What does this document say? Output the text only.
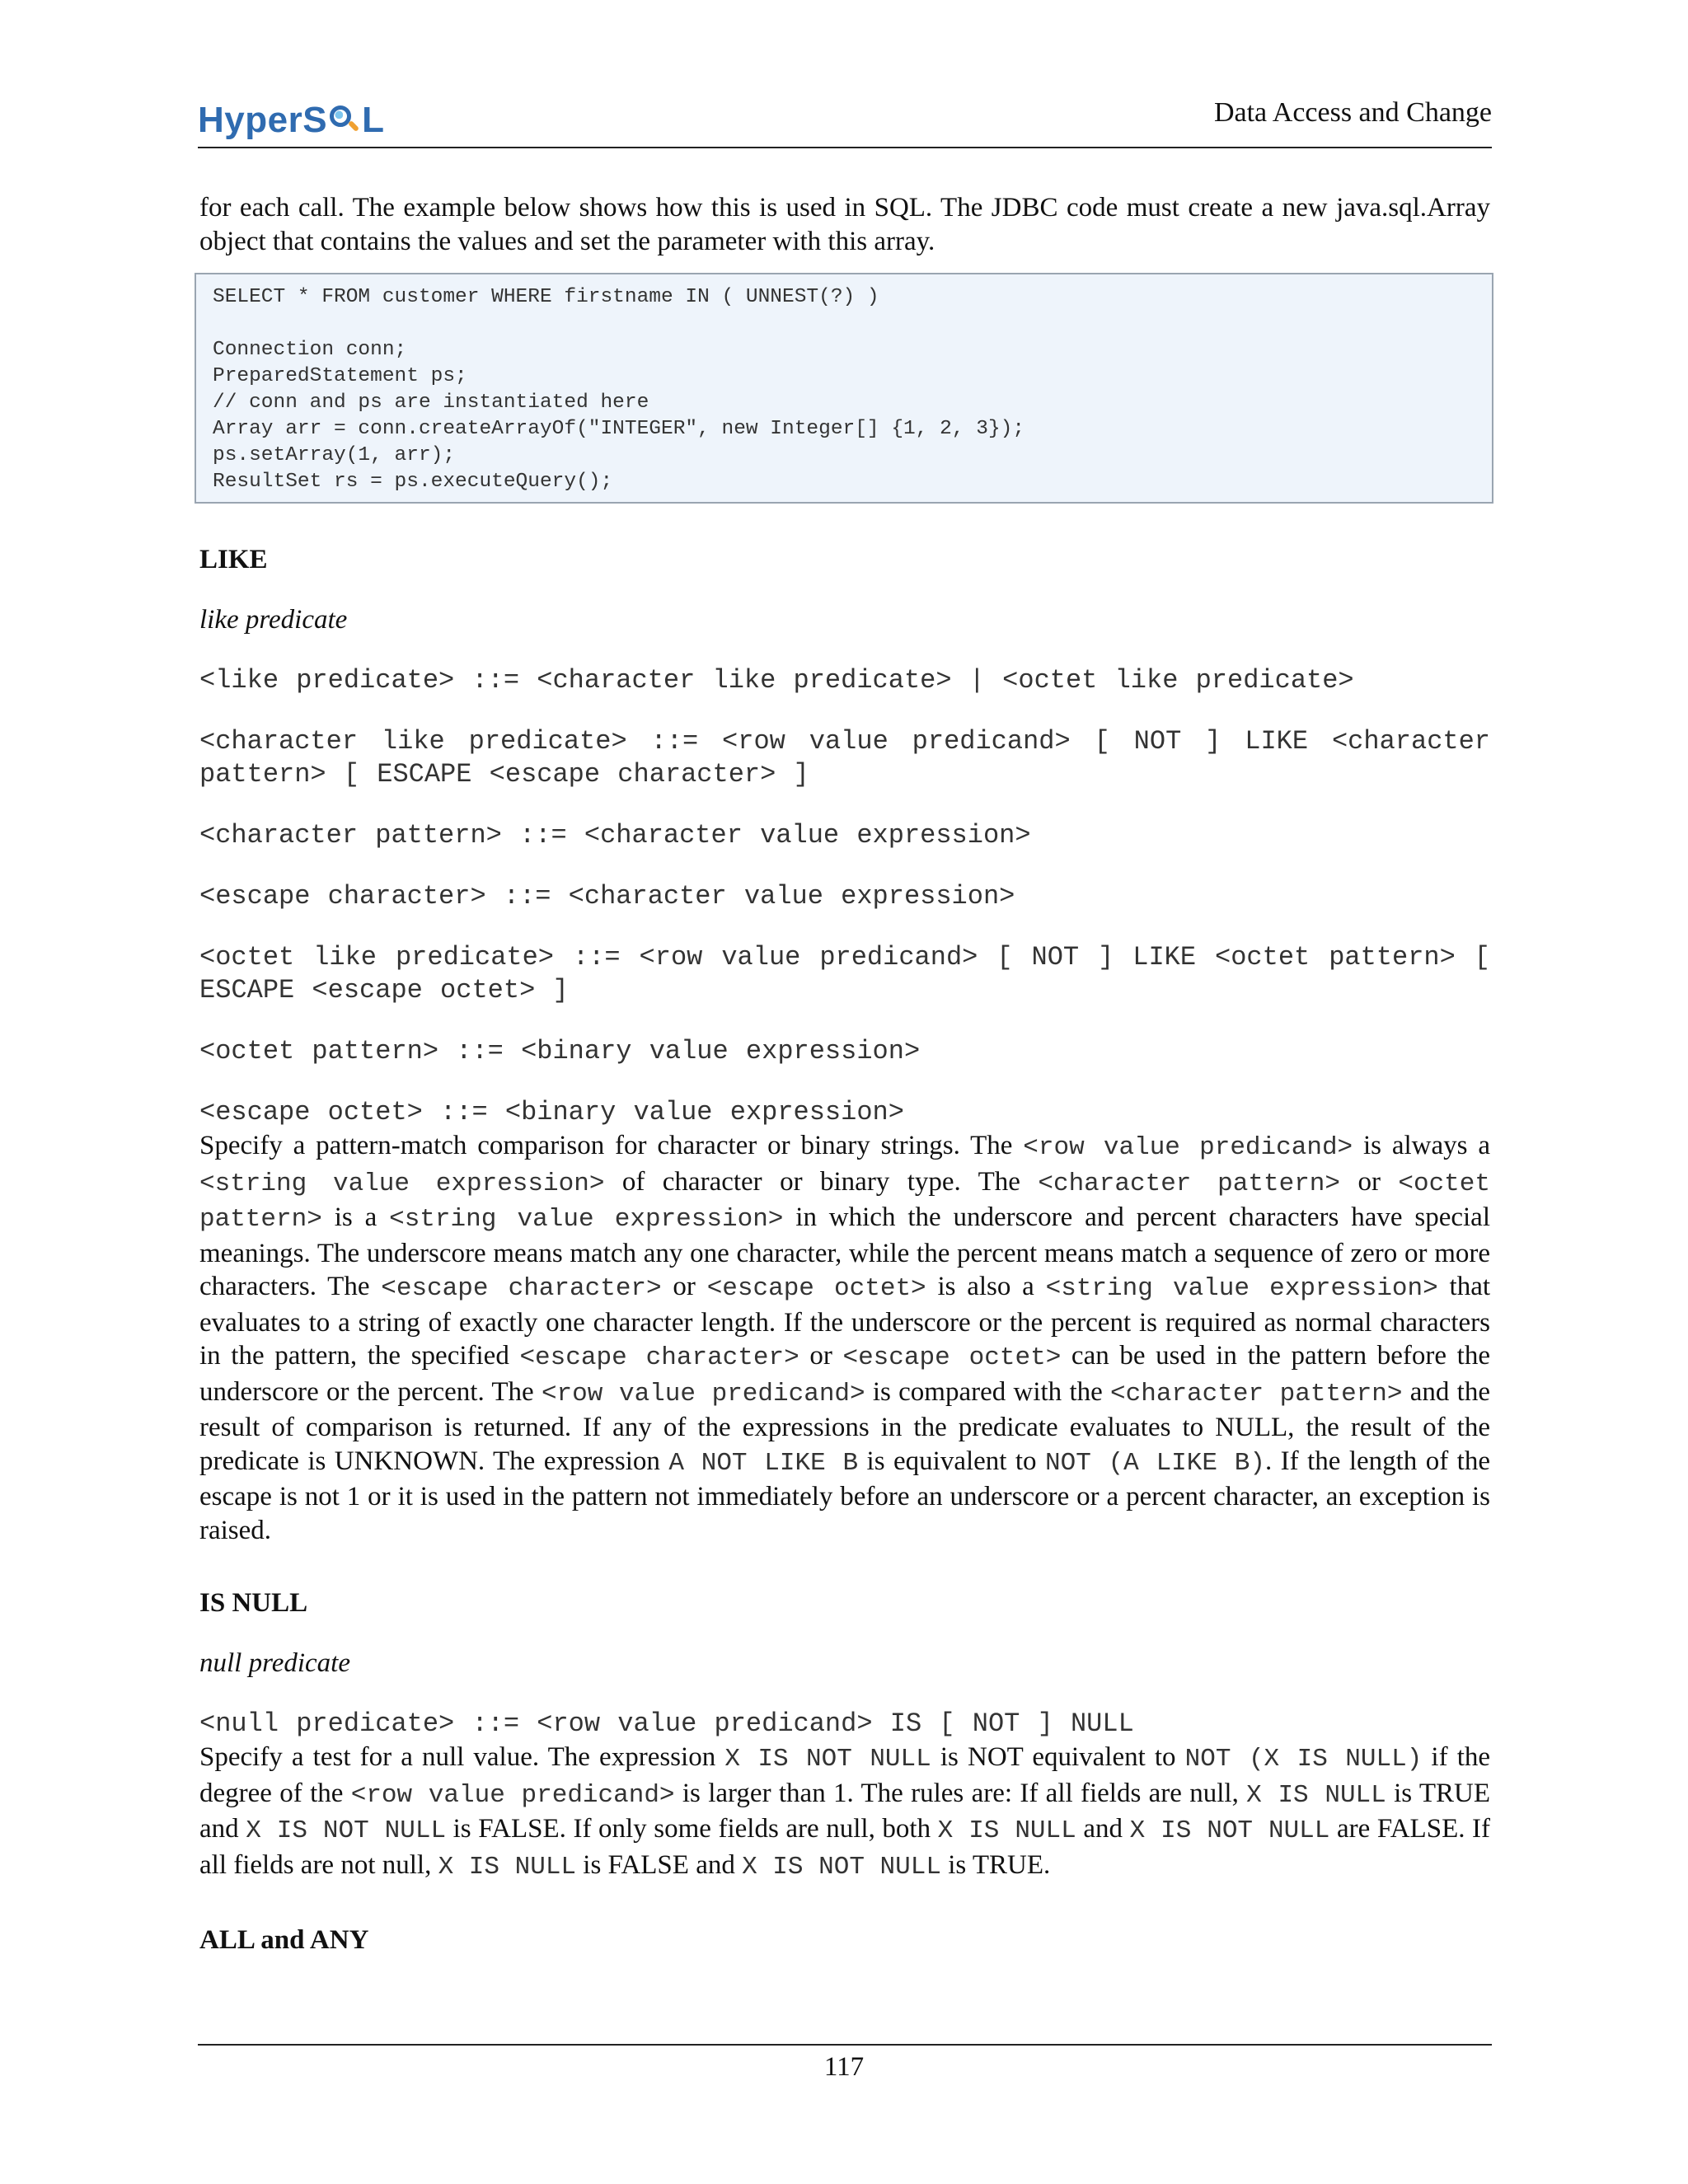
HyperS L	Data Access and Change

for each call. The example below shows how this is used in SQL. The JDBC code must create a new java.sql.Array object that contains the values and set the parameter with this array.

SELECT * FROM customer WHERE firstname IN ( UNNEST(?) )

Connection conn;
PreparedStatement ps;
// conn and ps are instantiated here
Array arr = conn.createArrayOf("INTEGER", new Integer[] {1, 2, 3});
ps.setArray(1, arr);
ResultSet rs = ps.executeQuery();
LIKE
like predicate
<like predicate> ::= <character like predicate> | <octet like predicate>
<character like predicate> ::= <row value predicand> [ NOT ] LIKE <character pattern> [ ESCAPE <escape character> ]
<character pattern> ::= <character value expression>
<escape character> ::= <character value expression>
<octet like predicate> ::= <row value predicand> [ NOT ] LIKE <octet pattern> [ ESCAPE <escape octet> ]
<octet pattern> ::= <binary value expression>
<escape octet> ::= <binary value expression>

Specify a pattern-match comparison for character or binary strings. The <row value predicand> is always a <string value expression> of character or binary type. The <character pattern> or <octet pattern> is a <string value expression> in which the underscore and percent characters have special meanings. The underscore means match any one character, while the percent means match a sequence of zero or more characters. The <escape character> or <escape octet> is also a <string value expression> that evaluates to a string of exactly one character length. If the underscore or the percent is required as normal characters in the pattern, the specified <escape character> or <escape octet> can be used in the pattern before the underscore or the percent. The <row value predicand> is compared with the <character pattern> and the result of comparison is returned. If any of the expressions in the predicate evaluates to NULL, the result of the predicate is UNKNOWN. The expression A NOT LIKE B is equivalent to NOT (A LIKE B). If the length of the escape is not 1 or it is used in the pattern not immediately before an underscore or a percent character, an exception is raised.

IS NULL
null predicate
<null predicate> ::= <row value predicand> IS [ NOT ] NULL

Specify a test for a null value. The expression X IS NOT NULL is NOT equivalent to NOT (X IS NULL) if the degree of the <row value predicand> is larger than 1. The rules are: If all fields are null, X IS NULL is TRUE and X IS NOT NULL is FALSE. If only some fields are null, both X IS NULL and X IS NOT NULL are FALSE. If all fields are not null, X IS NULL is FALSE and X IS NOT NULL is TRUE.

ALL and ANY
117
